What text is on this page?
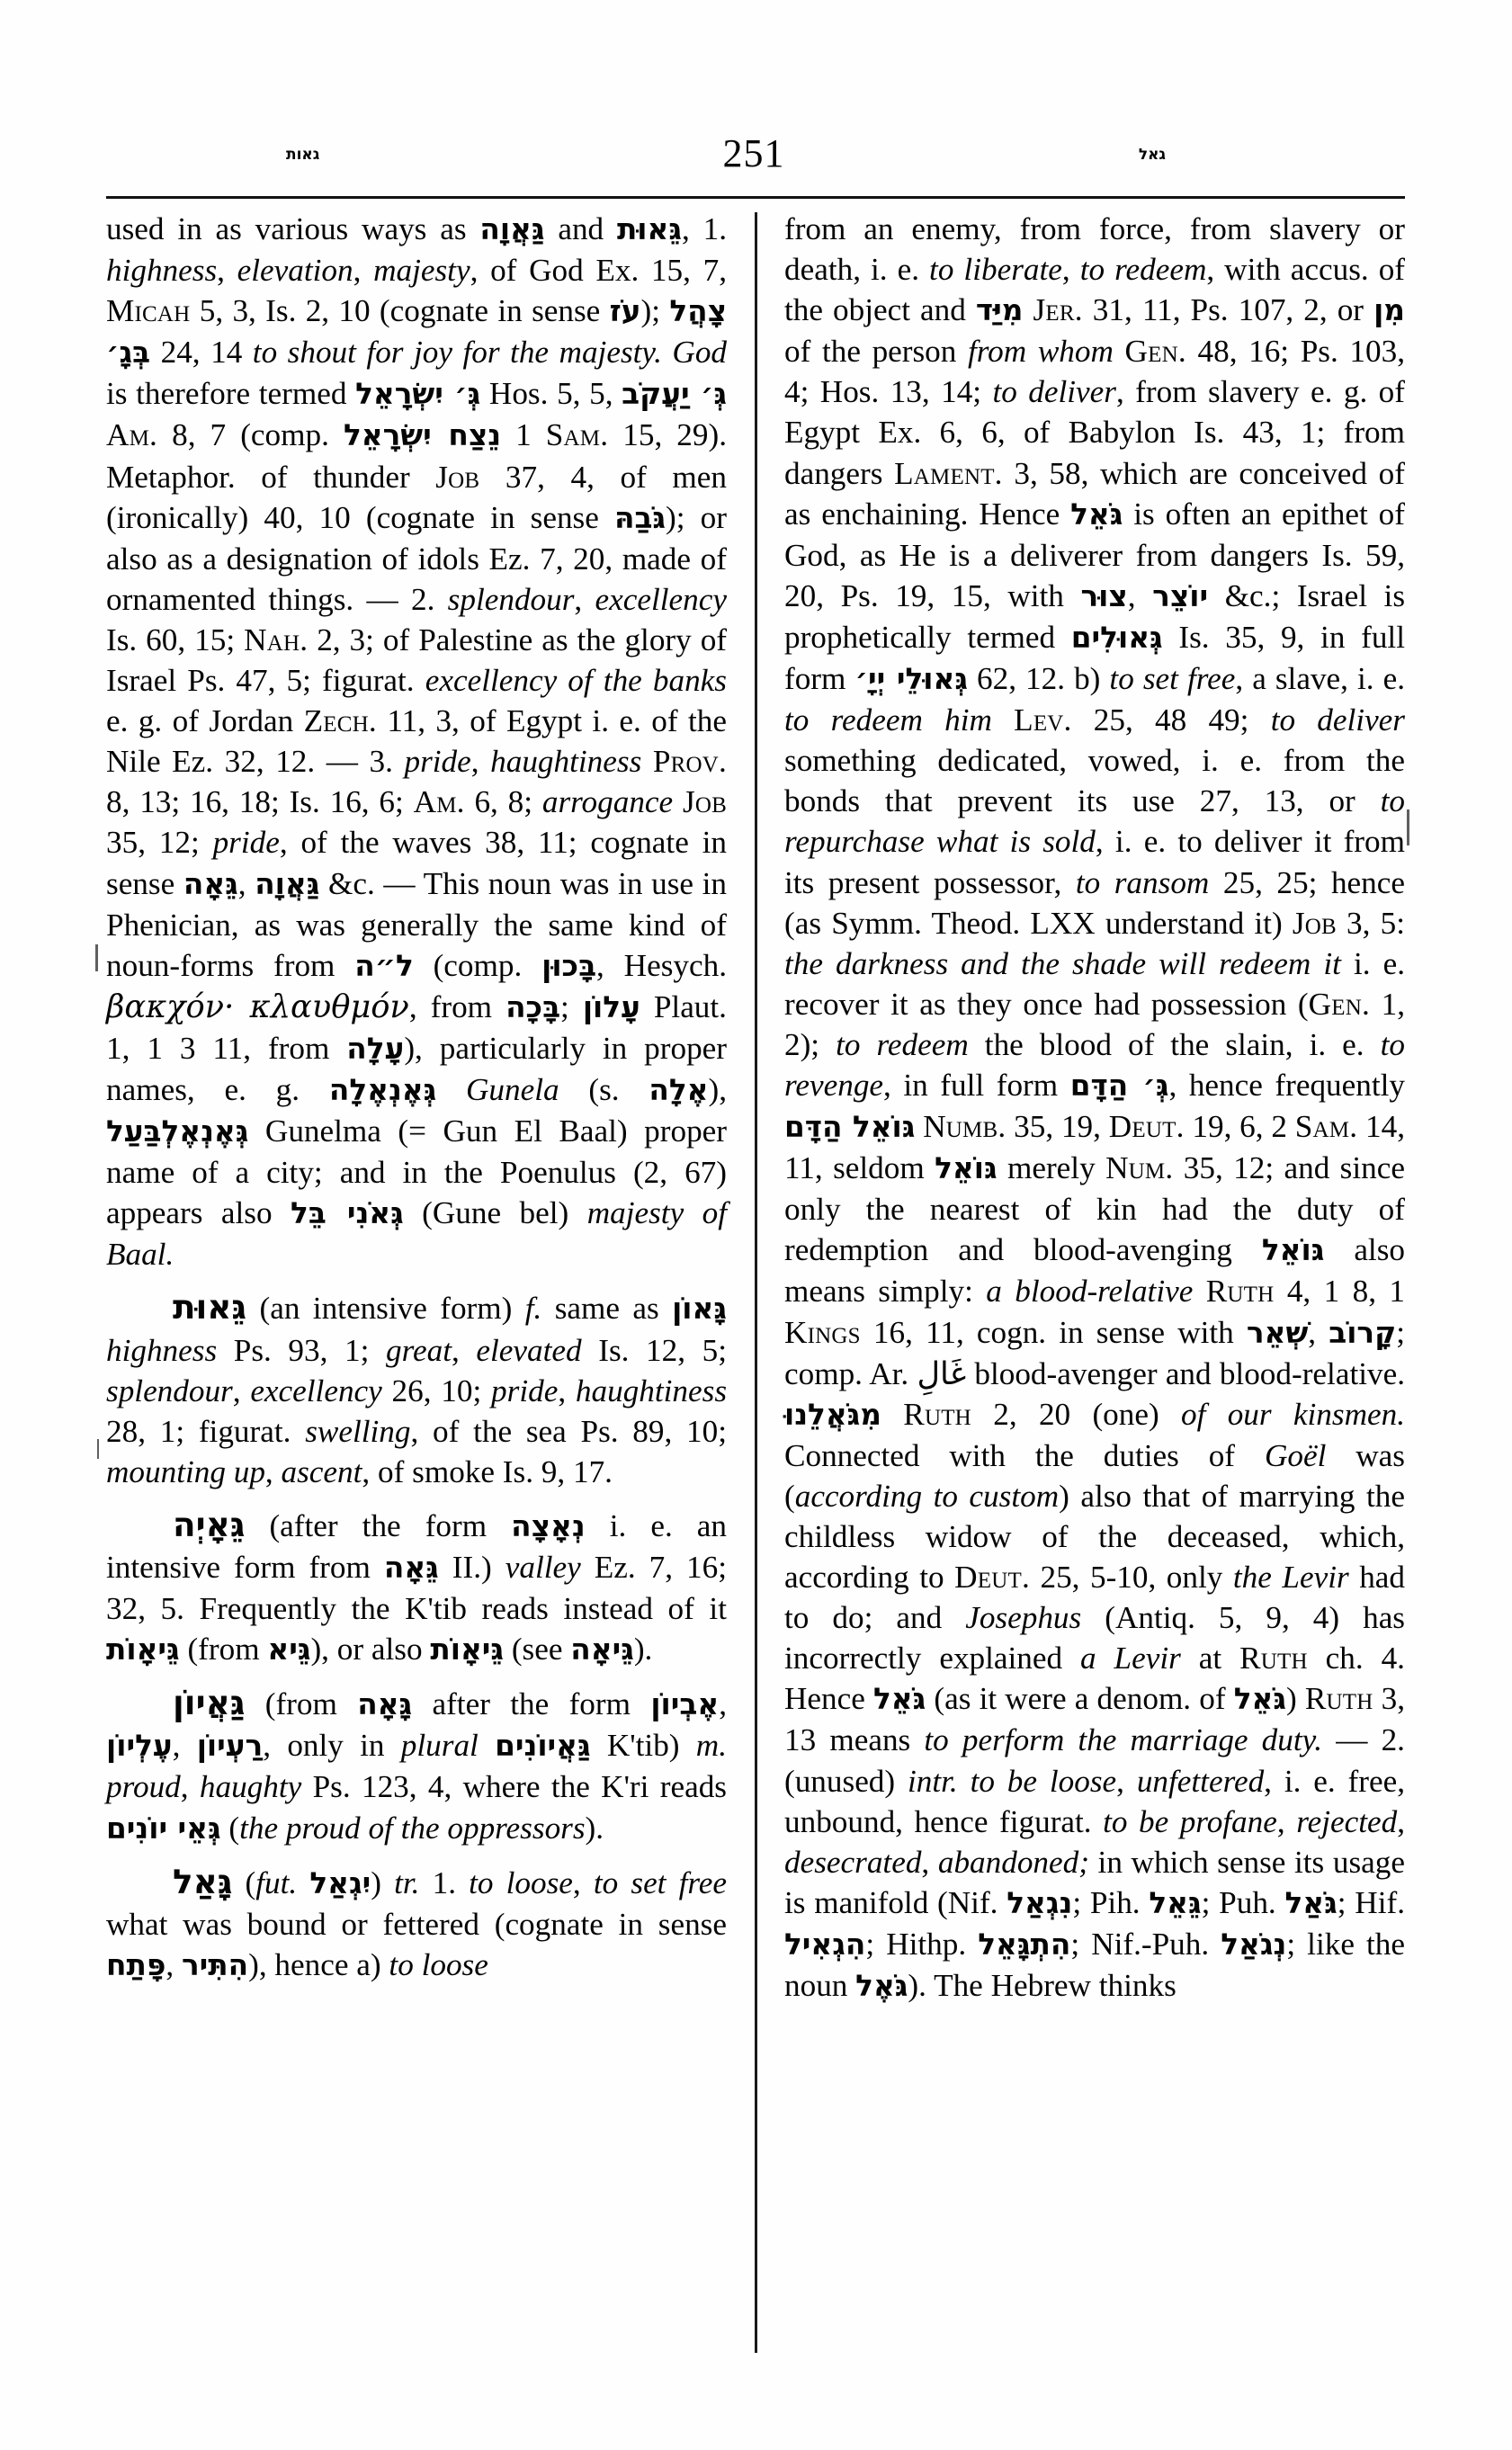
גאות	251	גאל

used in as various ways as גַּאֲוָה and גֵּאוּת, 1. highness, elevation, majesty, of God Ex. 15, 7, Micah 5, 3, Is. 2, 10 (cognate in sense עֹז); צָהֲל בְּגָ׳ 24, 14 to shout for joy for the majesty. God is therefore termed גְּ׳ יִשְׂרָאֵל Hos. 5, 5, גְּ׳ יַעֲקֹב Am. 8, 7 (comp. נֵצַח יִשְׂרָאֵל 1 Sam. 15, 29). Metaphor. of thunder Job 37, 4, of men (ironically) 40, 10 (cognate in sense גֹּבַהּ); or also as a designation of idols Ez. 7, 20, made of ornamented things. — 2. splendour, excellency Is. 60, 15; Nah. 2, 3; of Palestine as the glory of Israel Ps. 47, 5; figurat. excellency of the banks e. g. of Jordan Zech. 11, 3, of Egypt i. e. of the Nile Ez. 32, 12. — 3. pride, haughtiness Prov. 8, 13; 16, 18; Is. 16, 6; Am. 6, 8; arrogance Job 35, 12; pride, of the waves 38, 11; cognate in sense גֵּאָה, גַּאֲוָה &c. — This noun was in use in Phenician, as was generally the same kind of noun-forms from ל״ה (comp. בָּכוּן, Hesych. βακχόν· κλαυθμόν, from בָּכָה; עָלוֹן Plaut. 1, 1 3 11, from עָלָה), particularly in proper names, e. g. גְּאֶנְאֶלָה Gunela (s. אֶלָה), גְּאֶנְאֶלְבַּעַל Gunelma (= Gun El Baal) proper name of a city; and in the Poenulus (2, 67) appears also גְּאֹנִי בֵּל (Gune bel) majesty of Baal.

גֵּאוּת (an intensive form) f. same as גָּאוֹן highness Ps. 93, 1; great, elevated Is. 12, 5; splendour, excellency 26, 10; pride, haughtiness 28, 1; figurat. swelling, of the sea Ps. 89, 10; mounting up, ascent, of smoke Is. 9, 17.

גֵּאָיְה (after the form נְאָצָה i. e. an intensive form from גֵּאָה II.) valley Ez. 7, 16; 32, 5. Frequently the K'tib reads instead of it גֵּיאָוֹת (from גֵּיא), or also גֵּיאָוֹת (see גֵּיאָה).

גַּאֲיוֹן (from גָּאָה after the form אֶבְיוֹן, עֶלְיוֹן, רַעְיוֹן, only in plural גַּאֲיוֹנִים K'tib) m. proud, haughty Ps. 123, 4, where the K'ri reads גְּאֵי יוֹנִים (the proud of the oppressors).

גָּאַל (fut. יִגְאַל) tr. 1. to loose, to set free what was bound or fettered (cognate in sense פָּתַח, הִתִּיר), hence a) to loose

from an enemy, from force, from slavery or death, i. e. to liberate, to redeem, with accus. of the object and מִיַּד Jer. 31, 11, Ps. 107, 2, or מִן of the person from whom Gen. 48, 16; Ps. 103, 4; Hos. 13, 14; to deliver, from slavery e. g. of Egypt Ex. 6, 6, of Babylon Is. 43, 1; from dangers Lament. 3, 58, which are conceived of as enchaining. Hence גֹּאֵל is often an epithet of God, as He is a deliverer from dangers Is. 59, 20, Ps. 19, 15, with צוּר, יוֹצֵר &c.; Israel is prophetically termed גְּאוּלִים Is. 35, 9, in full form גְּאוּלֵי יְיָ׳ 62, 12. b) to set free, a slave, i. e. to redeem him Lev. 25, 48 49; to deliver something dedicated, vowed, i. e. from the bonds that prevent its use 27, 13, or to repurchase what is sold, i. e. to deliver it from its present possessor, to ransom 25, 25; hence (as Symm. Theod. LXX understand it) Job 3, 5: the darkness and the shade will redeem it i. e. recover it as they once had possession (Gen. 1, 2); to redeem the blood of the slain, i. e. to revenge, in full form גְּ׳ הַדָּם, hence frequently גּוֹאֵל הַדָּם Numb. 35, 19, Deut. 19, 6, 2 Sam. 14, 11, seldom גּוֹאֵל merely Num. 35, 12; and since only the nearest of kin had the duty of redemption and blood-avenging גּוֹאֵל also means simply: a blood-relative Ruth 4, 1 8, 1 Kings 16, 11, cogn. in sense with שְׁאֵר, קָרוֹב; comp. Ar. غَالِ blood-avenger and blood-relative. מִגֹּאֲלֵנוּ Ruth 2, 20 (one) of our kinsmen. Connected with the duties of Goël was (according to custom) also that of marrying the childless widow of the deceased, which, according to Deut. 25, 5-10, only the Levir had to do; and Josephus (Antiq. 5, 9, 4) has incorrectly explained a Levir at Ruth ch. 4. Hence גֹּאֵל (as it were a denom. of גֹּאֵל) Ruth 3, 13 means to perform the marriage duty. — 2. (unused) intr. to be loose, unfettered, i. e. free, unbound, hence figurat. to be profane, rejected, desecrated, abandoned; in which sense its usage is manifold (Nif. נִגְאַל; Pih. גֵּאֵל; Puh. גֹּאַל; Hif. הִגְאִיל; Hithp. הִתְגָּאֵל; Nif.-Puh. נְגֹאַל; like the noun גֹּאֶל). The Hebrew thinks
